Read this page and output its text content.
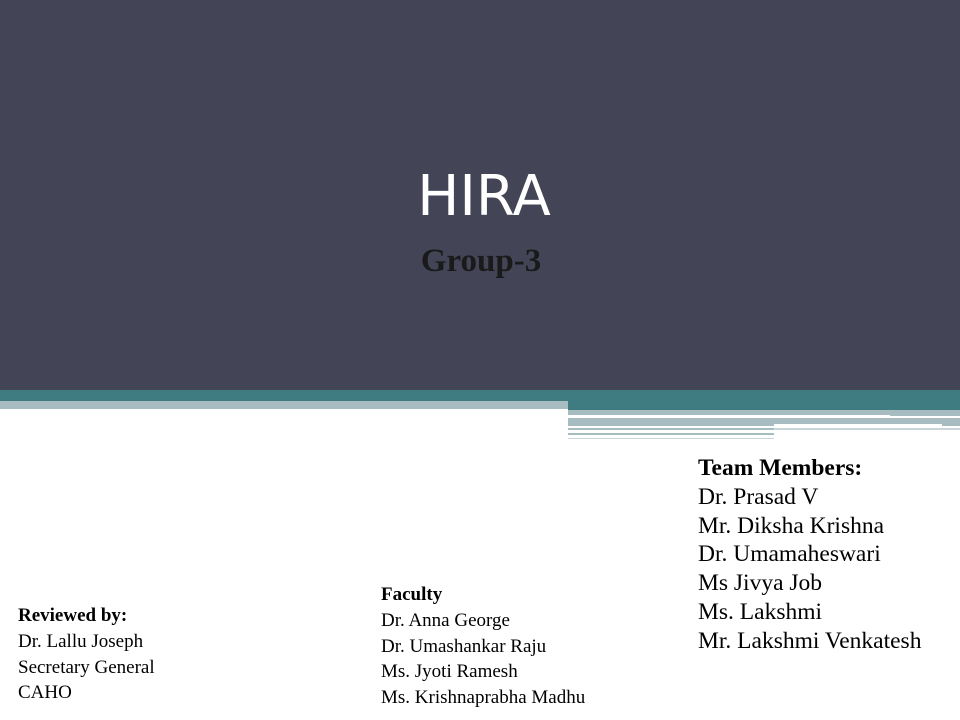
HIRA
Group-3
Team Members:
Dr. Prasad V
Mr. Diksha Krishna
Dr. Umamaheswari
Ms Jivya Job
Ms. Lakshmi
Mr. Lakshmi Venkatesh
Faculty
Dr. Anna George
Dr. Umashankar Raju
Ms. Jyoti Ramesh
Ms. Krishnaprabha Madhu
Reviewed by:
Dr. Lallu Joseph
Secretary General
CAHO
